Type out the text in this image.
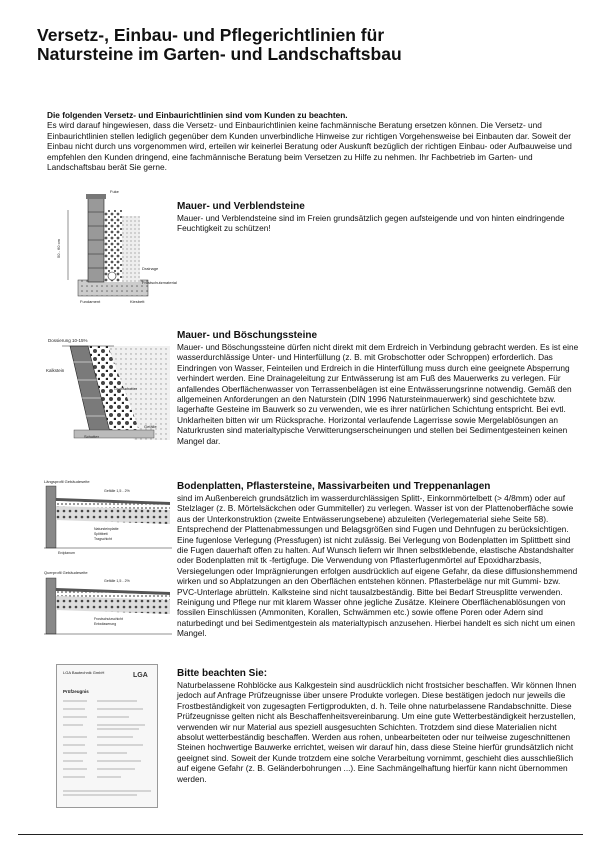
Versetz-, Einbau- und Pflegerichtlinien für
Natursteine im Garten- und Landschaftsbau
Die folgenden Versetz- und Einbaurichtlinien sind vom Kunden zu beachten.
Es wird darauf hingewiesen, dass die Versetz- und Einbaurichtlinien keine fachmännische Beratung ersetzen können. Die Versetz- und Einbaurichtlinien stellen lediglich gegenüber dem Kunden unverbindliche Hinweise zur richtigen Vorgehensweise bei Einbauten dar. Soweit der Einbau nicht durch uns vorgenommen wird, erteilen wir keinerlei Beratung oder Auskunft bezüglich der richtigen Einbau- oder Aufbauweise und empfehlen den Kunden dringend, eine fachmännische Beratung beim Versetzen zu Hilfe zu nehmen. Ihr Fachbetrieb im Garten- und Landschaftsbau berät Sie gerne.
Fuke
50 - 60 cm
Drainage
Frostschutzmaterial
Fundament	Kiesbett
Mauer- und Verblendsteine
Mauer- und Verblendsteine sind im Freien grundsätzlich gegen aufsteigende und von hinten eindringende Feuchtigkeit zu schützen!
Dossierung 10-15%
Kalkstein
Grobschotter
Gefälle
Schotter
Mauer- und Böschungssteine
Mauer- und Böschungssteine dürfen nicht direkt mit dem Erdreich in Verbindung gebracht werden. Es ist eine wasserdurchlässige Unter- und Hinterfüllung (z. B. mit Grobschotter oder Schroppen) erforderlich. Das Eindringen von Wasser, Feinteilen und Erdreich in die Hinterfüllung muss durch eine geeignete Absperrung verhindert werden. Eine Drainageleitung zur Entwässerung ist am Fuß des Mauerwerks zu verlegen. Für anfallendes Oberflächenwasser von Terrassenbelägen ist eine Entwässerungsrinne notwendig. Gemäß den allgemeinen Anforderungen an den Naturstein (DIN 1996 Natursteinmauerwerk) sind geschichtete bzw. lagerhafte Gesteine im Bauwerk so zu verwenden, wie es ihrer natürlichen Schichtung entspricht. Bei evtl. Unklarheiten bitten wir um Rücksprache. Horizontal verlaufende Lagerrisse sowie Mergelablösungen an Naturkrusten sind materialtypische Verwitterungserscheinungen und stellen bei Sedimentgesteinen keinen Mangel dar.
Längsprofil Gebäudeseite
Gefälle 1,5 - 2%
Natursteinplatte
Splittbett
Tragschicht
Erdplanum
Querprofil Gebäudeseite
Gefälle 1,5 - 2%
Frostschutzschicht
Entwässerung
Bodenplatten, Pflastersteine, Massivarbeiten und Treppenanlagen
sind im Außenbereich grundsätzlich im wasserdurchlässigen Splitt-, Einkornmörtelbett (> 4/8mm) oder auf Stelzlager (z. B. Mörtelsäckchen oder Gummiteller) zu verlegen. Wasser ist von der Plattenoberfläche sowie aus der Unterkonstruktion (zweite Entwässerungsebene) abzuleiten (Verlegematerial siehe Seite 58). Entsprechend der Plattenabmessungen und Belagsgrößen sind Fugen und Dehnfugen zu berücksichtigen. Eine fugenlose Verlegung (Pressfugen) ist nicht zulässig. Bei Verlegung von Bodenplatten im Splittbett sind die Fugen dauerhaft offen zu halten. Auf Wunsch liefern wir Ihnen selbstklebende, elastische Abstandshalter oder Bodenplatten mit tk -fertigfuge. Die Verwendung von Pflasterfugenmörtel auf Epoxidharzbasis, Versiegelungen oder Imprägnierungen erfolgen ausdrücklich auf eigene Gefahr, da diese diffusionshemmend wirken und so Abplatzungen an den Oberflächen entstehen können. Pflasterbeläge nur mit Gummi- bzw. PVC-Unterlage abrütteln. Kalksteine sind nicht tausalzbeständig. Bitte bei Bedarf Streusplitte verwenden. Reinigung und Pflege nur mit klarem Wasser ohne jegliche Zusätze. Kleinere Oberflächenablösungen von fossilen Einschlüssen (Ammoniten, Korallen, Schwämmen etc.) sowie offene Poren oder Adern sind naturbedingt und bei Sedimentgestein als materialtypisch anzusehen. Hierbei handelt es sich nicht um einen Mangel.
LGA Bautechnik GmbH	LGA
Prüfzeugnis
Bitte beachten Sie:
Naturbelassene Rohblöcke aus Kalkgestein sind ausdrücklich nicht frostsicher beschaffen. Wir können Ihnen jedoch auf Anfrage Prüfzeugnisse über unsere Produkte vorlegen. Diese bestätigen jedoch nur jeweils die Frostbeständigkeit von zugesagten Fertigprodukten, d. h. Teile ohne naturbelassene Randabschnitte. Diese Prüfzeugnisse gelten nicht als Beschaffenheitsvereinbarung. Um eine gute Wetterbeständigkeit herzustellen, verwenden wir nur Material aus speziell ausgesuchten Schichten. Trotzdem sind diese Materialien nicht absolut wetterbeständig beschaffen. Werden aus rohen, unbearbeiteten oder nur teilweise zugeschnittenen Steinen hochwertige Bauwerke errichtet, weisen wir darauf hin, dass diese Steine hierfür grundsätzlich nicht geeignet sind. Soweit der Kunde trotzdem eine solche Verarbeitung vornimmt, geschieht dies ausschließlich auf eigene Gefahr (z. B. Geländerbohrungen ...). Eine Sachmängelhaftung hierfür kann nicht übernommen werden.
